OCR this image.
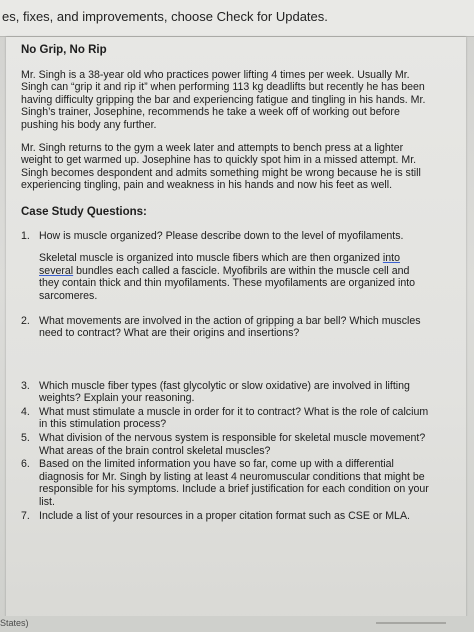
es, fixes, and improvements, choose Check for Updates.
No Grip, No Rip
Mr. Singh is a 38-year old who practices power lifting 4 times per week. Usually Mr.
Singh can “grip it and rip it” when performing 113 kg deadlifts but recently he has been
having difficulty gripping the bar and experiencing fatigue and tingling in his hands. Mr.
Singh’s trainer, Josephine, recommends he take a week off of working out before
pushing his body any further.
Mr. Singh returns to the gym a week later and attempts to bench press at a lighter
weight to get warmed up. Josephine has to quickly spot him in a missed attempt. Mr.
Singh becomes despondent and admits something might be wrong because he is still
experiencing tingling, pain and weakness in his hands and now his feet as well.
Case Study Questions:
1. How is muscle organized? Please describe down to the level of myofilaments.
Skeletal muscle is organized into muscle fibers which are then organized into
several bundles each called a fascicle. Myofibrils are within the muscle cell and
they contain thick and thin myofilaments. These myofilaments are organized into
sarcomeres.
2. What movements are involved in the action of gripping a bar bell? Which muscles
need to contract? What are their origins and insertions?
3. Which muscle fiber types (fast glycolytic or slow oxidative) are involved in lifting
weights? Explain your reasoning.
4. What must stimulate a muscle in order for it to contract? What is the role of calcium
in this stimulation process?
5. What division of the nervous system is responsible for skeletal muscle movement?
What areas of the brain control skeletal muscles?
6. Based on the limited information you have so far, come up with a differential
diagnosis for Mr. Singh by listing at least 4 neuromuscular conditions that might be
responsible for his symptoms. Include a brief justification for each condition on your
list.
7. Include a list of your resources in a proper citation format such as CSE or MLA.
States)
